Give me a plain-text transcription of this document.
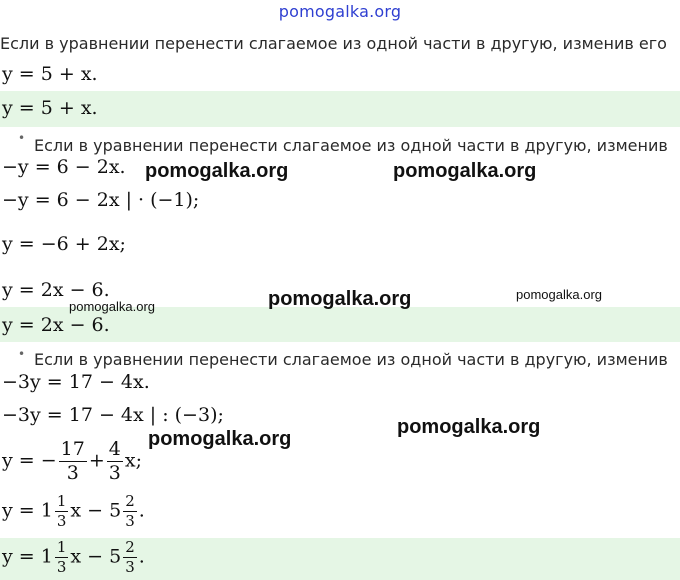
pomogalka.org
Если в уравнении перенести слагаемое из одной части в другую, изменив его
y = 5 + x.
y = 5 + x.
• Если в уравнении перенести слагаемое из одной части в другую, изменив
−y = 6 − 2x.
−y = 6 − 2x | · (−1);
y = −6 + 2x;
y = 2x − 6.
y = 2x − 6.
• Если в уравнении перенести слагаемое из одной части в другую, изменив
−3y = 17 − 4x.
−3y = 17 − 4x | : (−3);
y = − $\frac{17}{3} + \frac{4}{3} x$;
$y = 1 \frac{1}{3}$ $x - 5 \frac{2}{3}$ .
$y = 1 \frac{1}{3}$ $x - 5 \frac{2}{3}$ .
pomogalka.org	pomogalka.org
pomogalka.org
pomogalka.org
pomogalka.org
pomogalka.org
pomogalka.org
